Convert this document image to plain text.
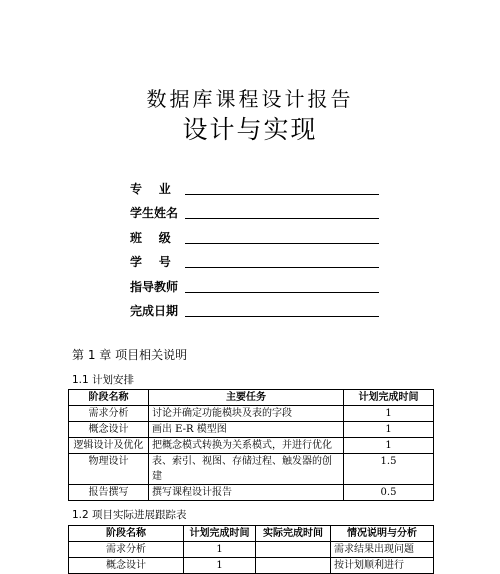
数据库课程设计报告
设计与实现
专    业
学生姓名
班    级
学    号
指导教师
完成日期
第 1 章 项目相关说明
1.1 计划安排
阶段名称	主要任务	计划完成时间
需求分析	讨论并确定功能模块及表的字段	1
概念设计	画出 E-R 模型图	1
逻辑设计及优化	把概念模式转换为关系模式，并进行优化	1
物理设计	表、索引、视图、存储过程、触发器的创建	1.5
报告撰写	撰写课程设计报告	0.5
1.2 项目实际进展跟踪表
阶段名称	计划完成时间	实际完成时间	情况说明与分析
需求分析	1		需求结果出现问题
概念设计	1		按计划顺利进行
